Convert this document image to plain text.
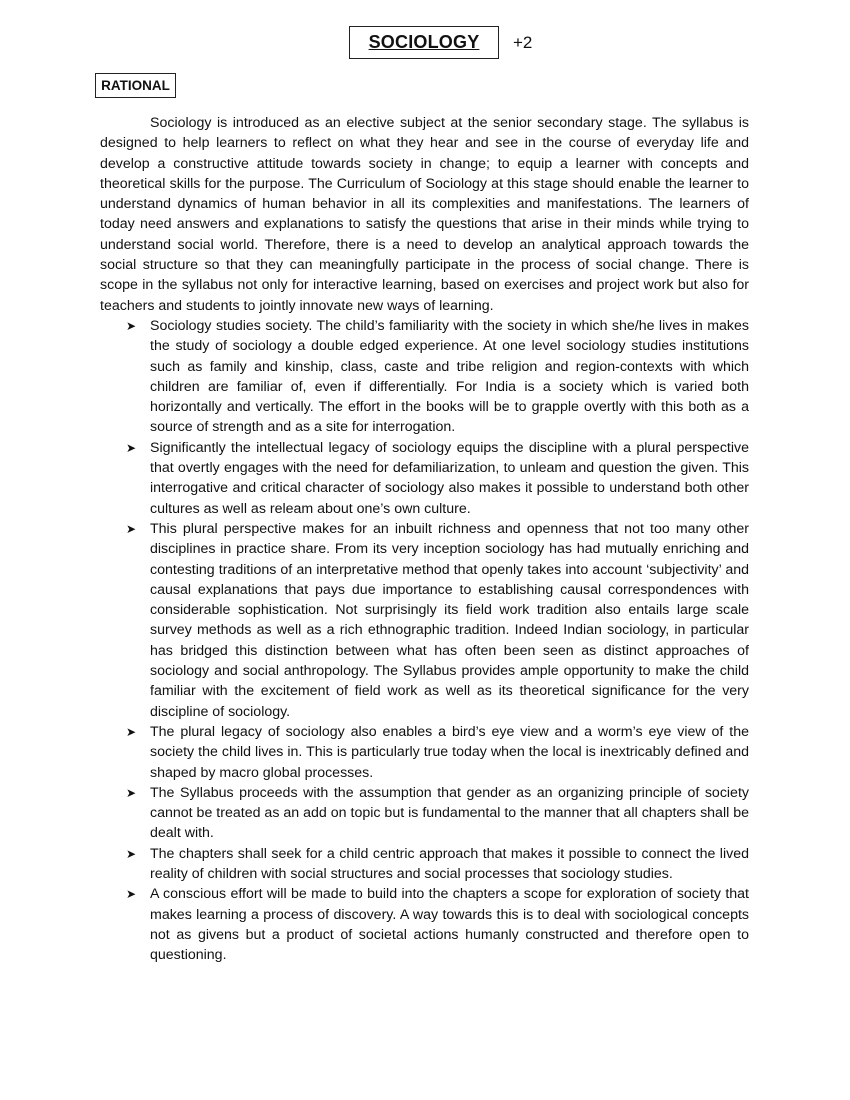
SOCIOLOGY +2
RATIONAL

Sociology is introduced as an elective subject at the senior secondary stage. The syllabus is designed to help learners to reflect on what they hear and see in the course of everyday life and develop a constructive attitude towards society in change; to equip a learner with concepts and theoretical skills for the purpose. The Curriculum of Sociology at this stage should enable the learner to understand dynamics of human behavior in all its complexities and manifestations. The learners of today need answers and explanations to satisfy the questions that arise in their minds while trying to understand social world. Therefore, there is a need to develop an analytical approach towards the social structure so that they can meaningfully participate in the process of social change. There is scope in the syllabus not only for interactive learning, based on exercises and project work but also for teachers and students to jointly innovate new ways of learning.

➤ Sociology studies society. The child’s familiarity with the society in which she/he lives in makes the study of sociology a double edged experience. At one level sociology studies institutions such as family and kinship, class, caste and tribe religion and region-contexts with which children are familiar of, even if differentially. For India is a society which is varied both horizontally and vertically. The effort in the books will be to grapple overtly with this both as a source of strength and as a site for interrogation.
➤ Significantly the intellectual legacy of sociology equips the discipline with a plural perspective that overtly engages with the need for defamiliarization, to unleam and question the given. This interrogative and critical character of sociology also makes it possible to understand both other cultures as well as releam about one’s own culture.
➤ This plural perspective makes for an inbuilt richness and openness that not too many other disciplines in practice share. From its very inception sociology has had mutually enriching and contesting traditions of an interpretative method that openly takes into account ‘subjectivity’ and causal explanations that pays due importance to establishing causal correspondences with considerable sophistication. Not surprisingly its field work tradition also entails large scale survey methods as well as a rich ethnographic tradition. Indeed Indian sociology, in particular has bridged this distinction between what has often been seen as distinct approaches of sociology and social anthropology. The Syllabus provides ample opportunity to make the child familiar with the excitement of field work as well as its theoretical significance for the very discipline of sociology.
➤ The plural legacy of sociology also enables a bird’s eye view and a worm’s eye view of the society the child lives in. This is particularly true today when the local is inextricably defined and shaped by macro global processes.
➤ The Syllabus proceeds with the assumption that gender as an organizing principle of society cannot be treated as an add on topic but is fundamental to the manner that all chapters shall be dealt with.
➤ The chapters shall seek for a child centric approach that makes it possible to connect the lived reality of children with social structures and social processes that sociology studies.
➤ A conscious effort will be made to build into the chapters a scope for exploration of society that makes learning a process of discovery. A way towards this is to deal with sociological concepts not as givens but a product of societal actions humanly constructed and therefore open to questioning.
